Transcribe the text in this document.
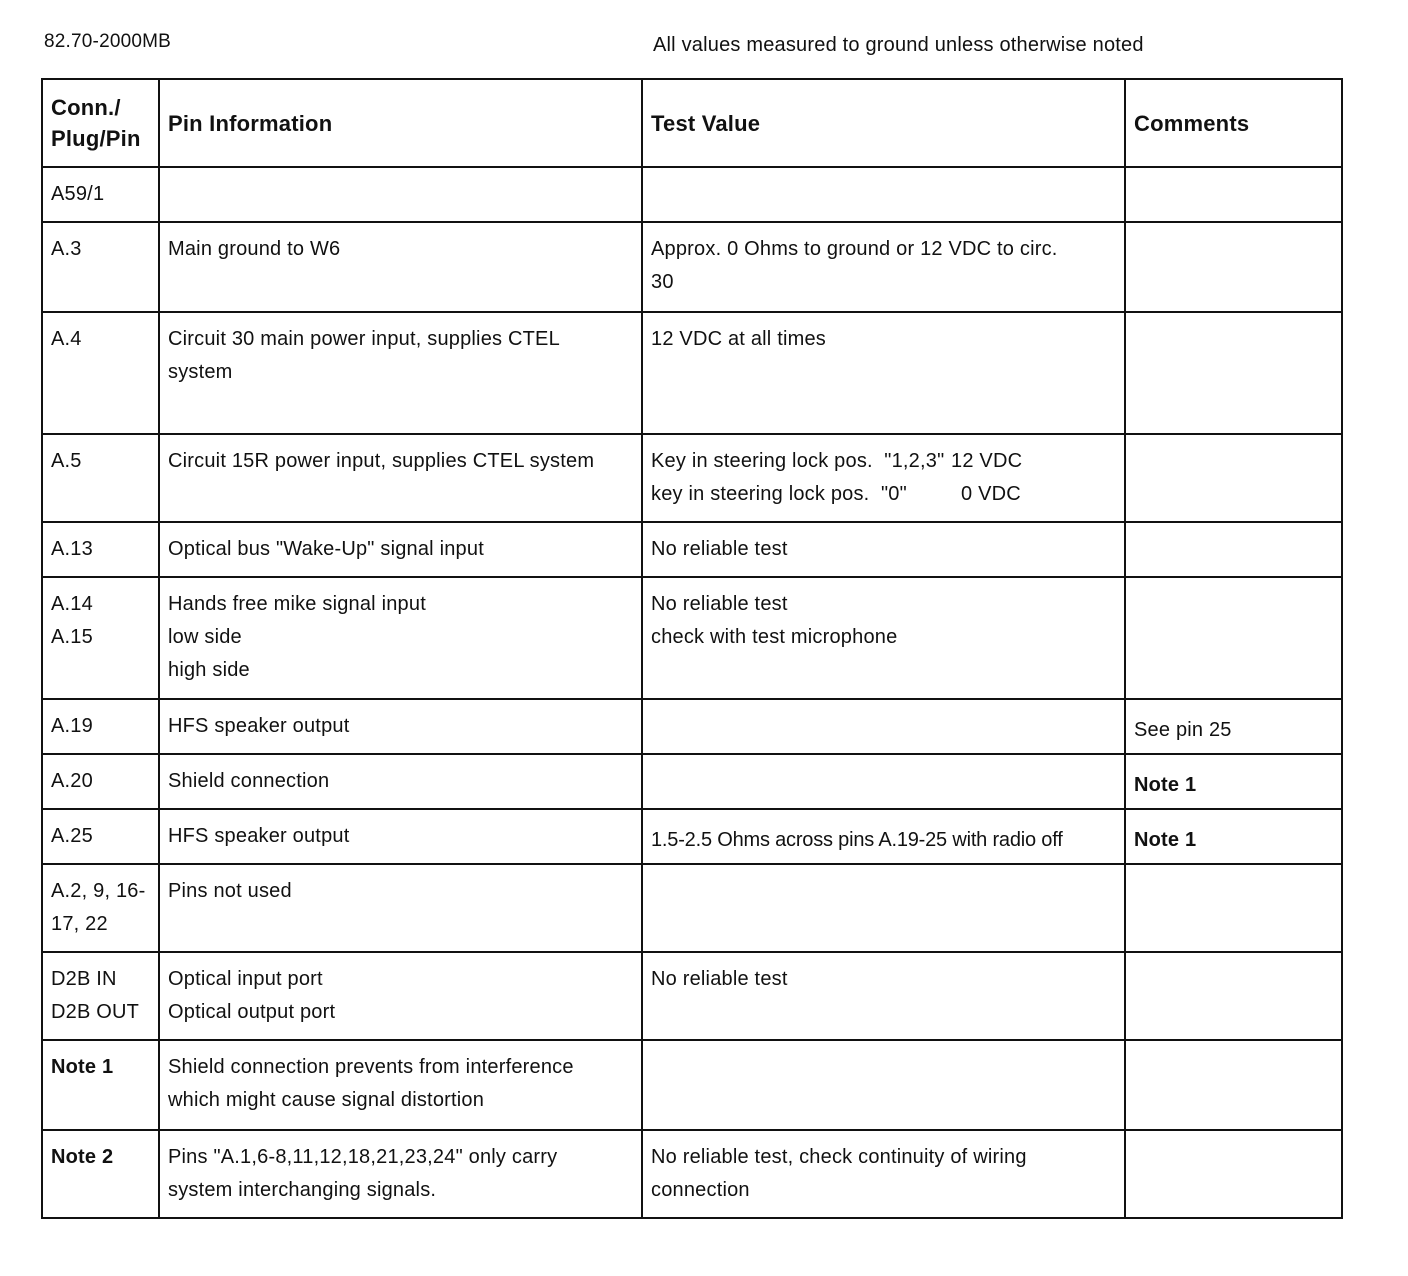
82.70-2000MB	All values measured to ground unless otherwise noted
Conn./
Plug/Pin	Pin Information	Test Value	Comments

A59/1			

A.3	Main ground to W6	Approx. 0 Ohms to ground or 12 VDC to circ.
30	

A.4	Circuit 30 main power input, supplies CTEL
system	12 VDC at all times	

A.5	Circuit 15R power input, supplies CTEL system	Key in steering lock pos.  "1,2,3" 12 VDC
key in steering lock pos.  "0" 0 VDC	

A.13	Optical bus "Wake-Up" signal input	No reliable test	

A.14
A.15	Hands free mike signal input
low side
high side	No reliable test
check with test microphone	

A.19	HFS speaker output		See pin 25

A.20	Shield connection		Note 1

A.25	HFS speaker output	1.5-2.5 Ohms across pins A.19-25 with radio off	Note 1

A.2, 9, 16-
17, 22	Pins not used		

D2B IN
D2B OUT	Optical input port
Optical output port	No reliable test	

Note 1	Shield connection prevents from interference
which might cause signal distortion		

Note 2	Pins "A.1,6-8,11,12,18,21,23,24" only carry
system interchanging signals.	No reliable test, check continuity of wiring
connection	
